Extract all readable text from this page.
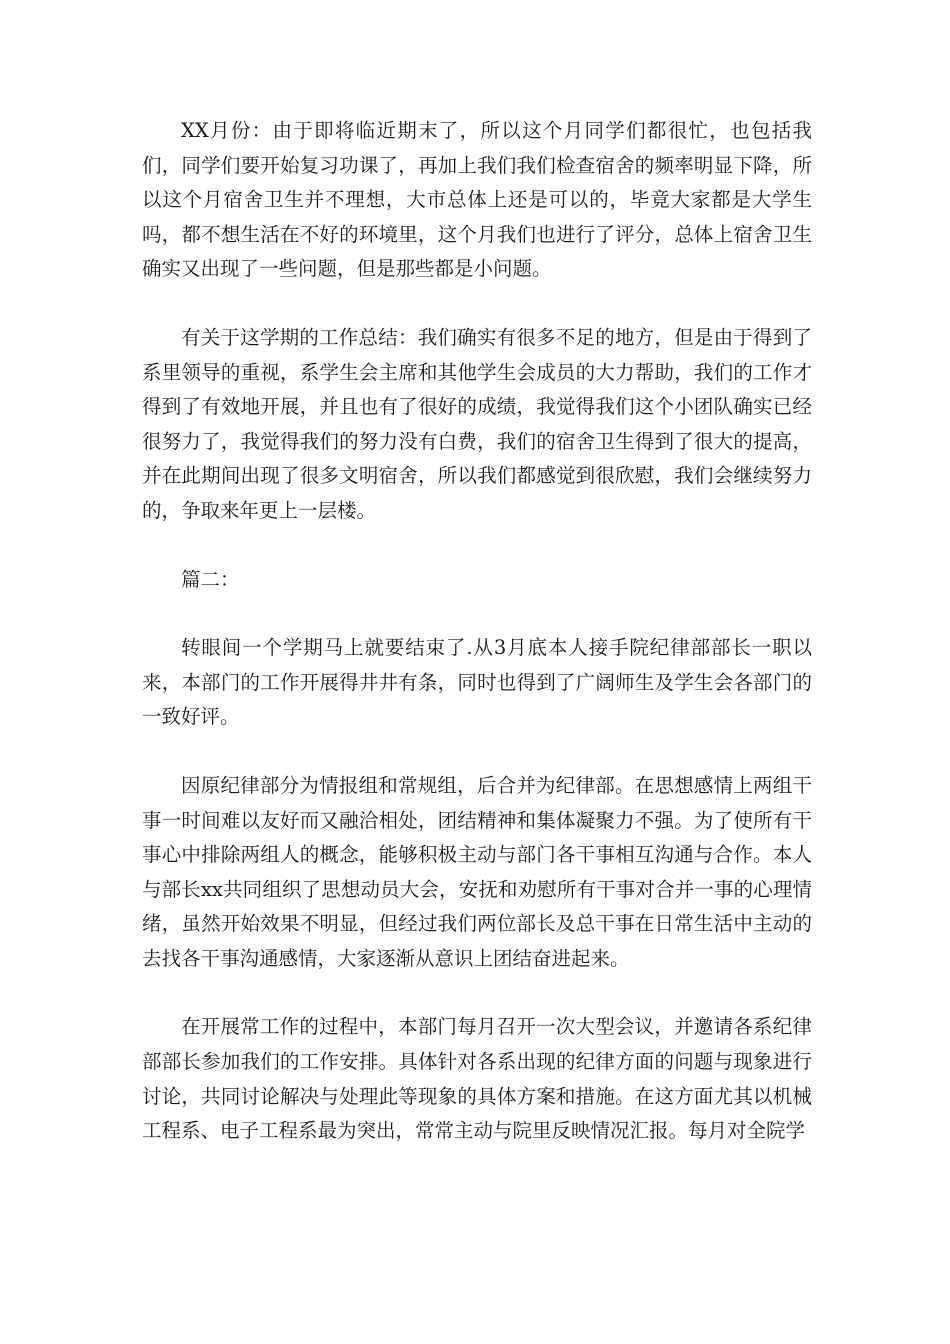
XX月份：由于即将临近期末了，所以这个月同学们都很忙，也包括我们，同学们要开始复习功课了，再加上我们我们检查宿舍的频率明显下降，所以这个月宿舍卫生并不理想，大市总体上还是可以的，毕竟大家都是大学生吗，都不想生活在不好的环境里，这个月我们也进行了评分，总体上宿舍卫生确实又出现了一些问题，但是那些都是小问题。

有关于这学期的工作总结：我们确实有很多不足的地方，但是由于得到了系里领导的重视，系学生会主席和其他学生会成员的大力帮助，我们的工作才得到了有效地开展，并且也有了很好的成绩，我觉得我们这个小团队确实已经很努力了，我觉得我们的努力没有白费，我们的宿舍卫生得到了很大的提高，并在此期间出现了很多文明宿舍，所以我们都感觉到很欣慰，我们会继续努力的，争取来年更上一层楼。

篇二：

转眼间一个学期马上就要结束了.从3月底本人接手院纪律部部长一职以来，本部门的工作开展得井井有条，同时也得到了广阔师生及学生会各部门的一致好评。

因原纪律部分为情报组和常规组，后合并为纪律部。在思想感情上两组干事一时间难以友好而又融洽相处，团结精神和集体凝聚力不强。为了使所有干事心中排除两组人的概念，能够积极主动与部门各干事相互沟通与合作。本人与部长xx共同组织了思想动员大会，安抚和劝慰所有干事对合并一事的心理情绪，虽然开始效果不明显，但经过我们两位部长及总干事在日常生活中主动的去找各干事沟通感情，大家逐渐从意识上团结奋进起来。

在开展常工作的过程中，本部门每月召开一次大型会议，并邀请各系纪律部部长参加我们的工作安排。具体针对各系出现的纪律方面的问题与现象进行讨论，共同讨论解决与处理此等现象的具体方案和措施。在这方面尤其以机械工程系、电子工程系最为突出，常常主动与院里反映情况汇报。每月对全院学
